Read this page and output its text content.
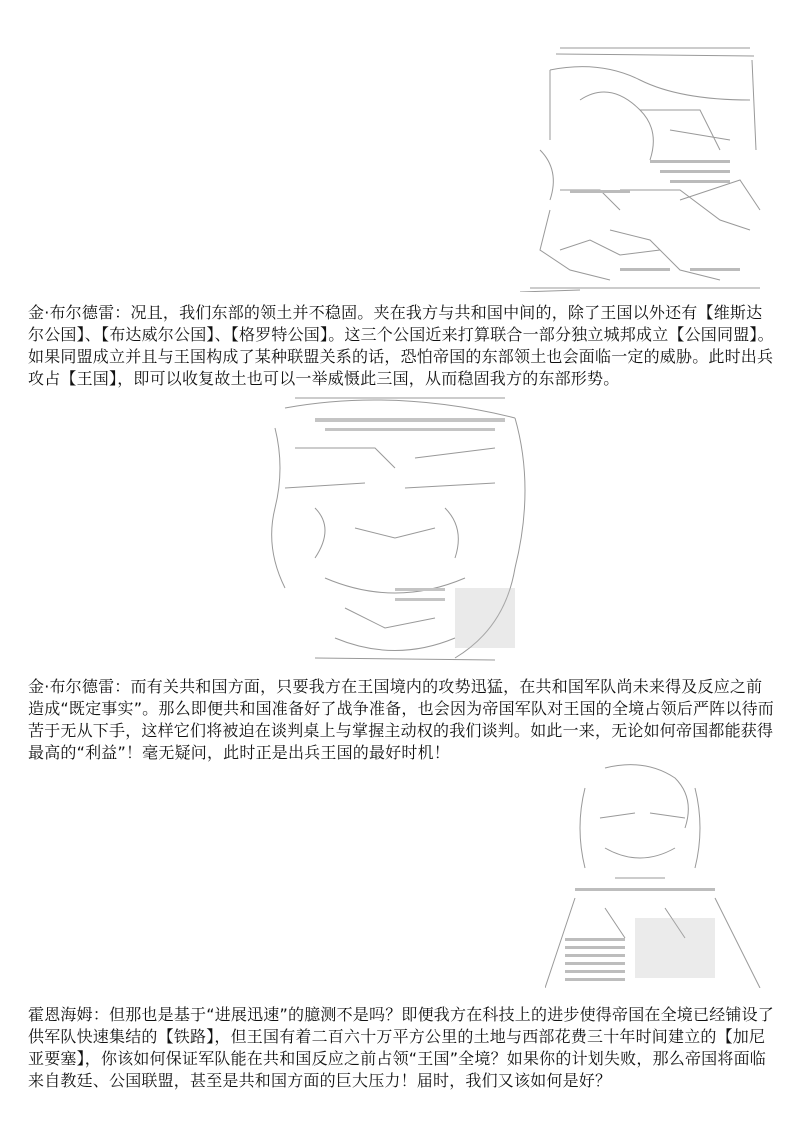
金·布尔德雷：况且，我们东部的领土并不稳固。夹在我方与共和国中间的，除了王国以外还有【维斯达尔公国】、【布达威尔公国】、【格罗特公国】。这三个公国近来打算联合一部分独立城邦成立【公国同盟】。如果同盟成立并且与王国构成了某种联盟关系的话，恐怕帝国的东部领土也会面临一定的威胁。此时出兵攻占【王国】，即可以收复故土也可以一举威慑此三国，从而稳固我方的东部形势。

金·布尔德雷：而有关共和国方面，只要我方在王国境内的攻势迅猛，在共和国军队尚未来得及反应之前造成“既定事实”。那么即便共和国准备好了战争准备，也会因为帝国军队对王国的全境占领后严阵以待而苦于无从下手，这样它们将被迫在谈判桌上与掌握主动权的我们谈判。如此一来，无论如何帝国都能获得最高的“利益”！毫无疑问，此时正是出兵王国的最好时机！

霍恩海姆：但那也是基于“进展迅速”的臆测不是吗？即便我方在科技上的进步使得帝国在全境已经铺设了供军队快速集结的【铁路】，但王国有着二百六十万平方公里的土地与西部花费三十年时间建立的【加尼亚要塞】，你该如何保证军队能在共和国反应之前占领“王国”全境？如果你的计划失败，那么帝国将面临来自教廷、公国联盟，甚至是共和国方面的巨大压力！届时，我们又该如何是好？
